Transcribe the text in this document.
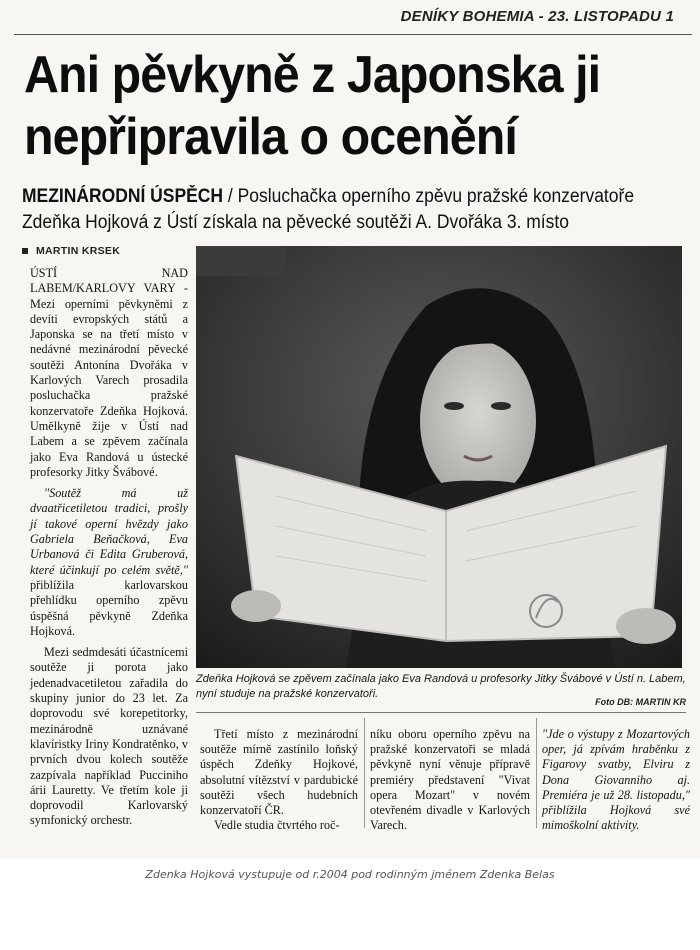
DENÍKY BOHEMIA - 23. LISTOPADU 1
Ani pěvkyně z Japonska ji
nepřipravila o ocenění
MEZINÁRODNÍ ÚSPĚCH / Posluchačka operního zpěvu pražské konzervatoře
Zdeňka Hojková z Ústí získala na pěvecké soutěži A. Dvořáka 3. místo
MARTIN KRSEK

ÚSTÍ NAD LABEM/KARLOVY VARY - Mezi operními pěvkyněmi z devíti evropských států a Japonska se na třetí místo v nedávné mezinárodní pěvecké soutěži Antonína Dvořáka v Karlových Varech prosadila posluchačka pražské konzervatoře Zdeňka Hojková. Umělkyně žije v Ústí nad Labem a se zpěvem začínala jako Eva Randová u ústecké profesorky Jitky Švábové.

"Soutěž má už dvaatřicetiletou tradici, prošly jí takové operní hvězdy jako Gabriela Beňačková, Eva Urbanová či Edita Gruberová, které účinkují po celém světě," přiblížila karlovarskou přehlídku operního zpěvu úspěšná pěvkyně Zdeňka Hojková.

Mezi sedmdesáti účastnícemi soutěže ji porota jako jedenadvacetiletou zařadila do skupiny junior do 23 let. Za doprovodu své korepetitorky, mezinárodně uznávané klavíristky Iriny Kondratěnko, v prvních dvou kolech soutěže zazpívala například Pucciniho árii Lauretty. Ve třetím kole ji doprovodil Karlovarský symfonický orchestr.

Zdeňka Hojková se zpěvem začínala jako Eva Randová u profesorky Jitky Švábové v Ústí n. Labem, nyní studuje na pražské konzervatoři.
Foto DB: MARTIN KR

Třetí místo z mezinárodní soutěže mírně zastínilo loňský úspěch Zdeňky Hojkové, absolutní vítězství v pardubické soutěži všech hudebních konzervatoří ČR.

Vedle studia čtvrtého roč-

níku oboru operního zpěvu na pražské konzervatoři se mladá pěvkyně nyní věnuje přípravě premiéry představení "Vivat opera Mozart" v novém otevřeném divadle v Karlových Varech.

"Jde o výstupy z Mozartových oper, já zpívám hraběnku z Figarovy svatby, Elviru z Dona Giovanniho aj. Premiéra je už 28. listopadu," přiblížila Hojková své mimoškolní aktivity.

Zdenka Hojková vystupuje od r.2004 pod rodinným jménem Zdenka Belas
